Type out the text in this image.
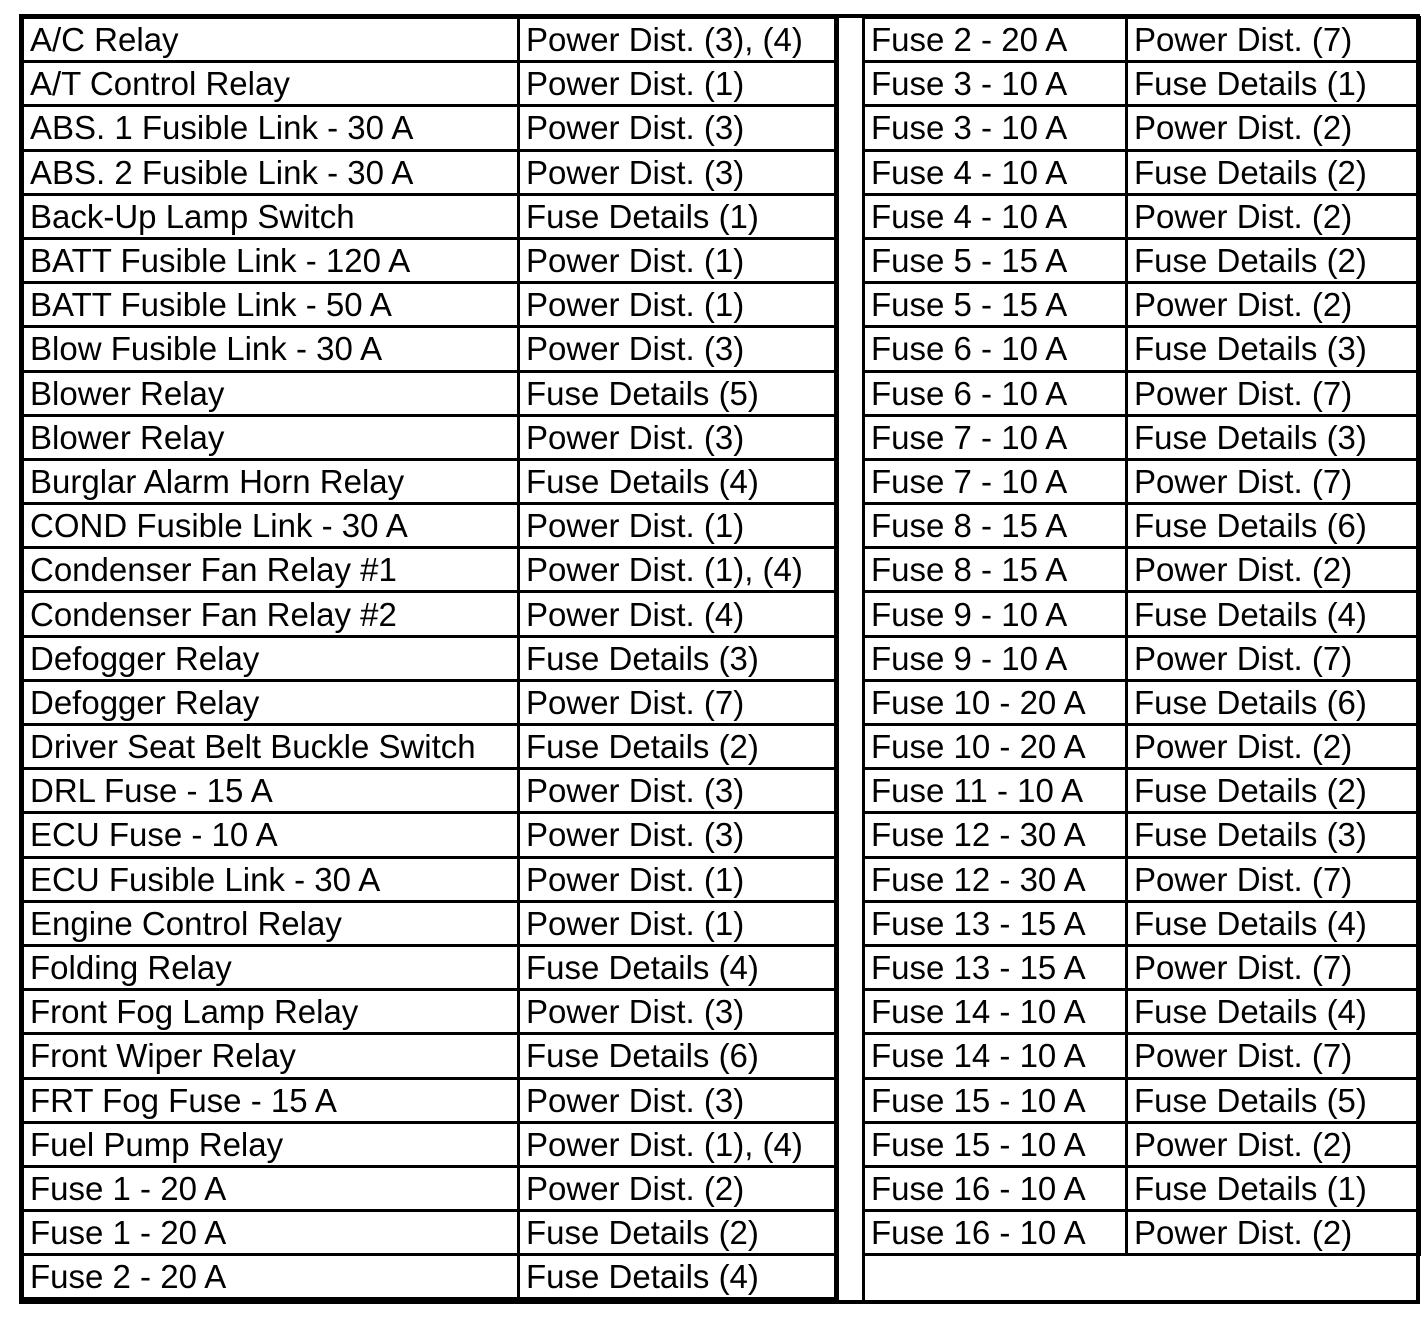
A/C Relay	Power Dist. (3), (4)
A/T Control Relay	Power Dist. (1)
ABS. 1 Fusible Link - 30 A	Power Dist. (3)
ABS. 2 Fusible Link - 30 A	Power Dist. (3)
Back-Up Lamp Switch	Fuse Details (1)
BATT Fusible Link - 120 A	Power Dist. (1)
BATT Fusible Link - 50 A	Power Dist. (1)
Blow Fusible Link - 30 A	Power Dist. (3)
Blower Relay	Fuse Details (5)
Blower Relay	Power Dist. (3)
Burglar Alarm Horn Relay	Fuse Details (4)
COND Fusible Link - 30 A	Power Dist. (1)
Condenser Fan Relay #1	Power Dist. (1), (4)
Condenser Fan Relay #2	Power Dist. (4)
Defogger Relay	Fuse Details (3)
Defogger Relay	Power Dist. (7)
Driver Seat Belt Buckle Switch	Fuse Details (2)
DRL Fuse - 15 A	Power Dist. (3)
ECU Fuse - 10 A	Power Dist. (3)
ECU Fusible Link - 30 A	Power Dist. (1)
Engine Control Relay	Power Dist. (1)
Folding Relay	Fuse Details (4)
Front Fog Lamp Relay	Power Dist. (3)
Front Wiper Relay	Fuse Details (6)
FRT Fog Fuse - 15 A	Power Dist. (3)
Fuel Pump Relay	Power Dist. (1), (4)
Fuse 1 - 20 A	Power Dist. (2)
Fuse 1 - 20 A	Fuse Details (2)
Fuse 2 - 20 A	Fuse Details (4)
Fuse 2 - 20 A	Power Dist. (7)
Fuse 3 - 10 A	Fuse Details (1)
Fuse 3 - 10 A	Power Dist. (2)
Fuse 4 - 10 A	Fuse Details (2)
Fuse 4 - 10 A	Power Dist. (2)
Fuse 5 - 15 A	Fuse Details (2)
Fuse 5 - 15 A	Power Dist. (2)
Fuse 6 - 10 A	Fuse Details (3)
Fuse 6 - 10 A	Power Dist. (7)
Fuse 7 - 10 A	Fuse Details (3)
Fuse 7 - 10 A	Power Dist. (7)
Fuse 8 - 15 A	Fuse Details (6)
Fuse 8 - 15 A	Power Dist. (2)
Fuse 9 - 10 A	Fuse Details (4)
Fuse 9 - 10 A	Power Dist. (7)
Fuse 10 - 20 A	Fuse Details (6)
Fuse 10 - 20 A	Power Dist. (2)
Fuse 11 - 10 A	Fuse Details (2)
Fuse 12 - 30 A	Fuse Details (3)
Fuse 12 - 30 A	Power Dist. (7)
Fuse 13 - 15 A	Fuse Details (4)
Fuse 13 - 15 A	Power Dist. (7)
Fuse 14 - 10 A	Fuse Details (4)
Fuse 14 - 10 A	Power Dist. (7)
Fuse 15 - 10 A	Fuse Details (5)
Fuse 15 - 10 A	Power Dist. (2)
Fuse 16 - 10 A	Fuse Details (1)
Fuse 16 - 10 A	Power Dist. (2)
